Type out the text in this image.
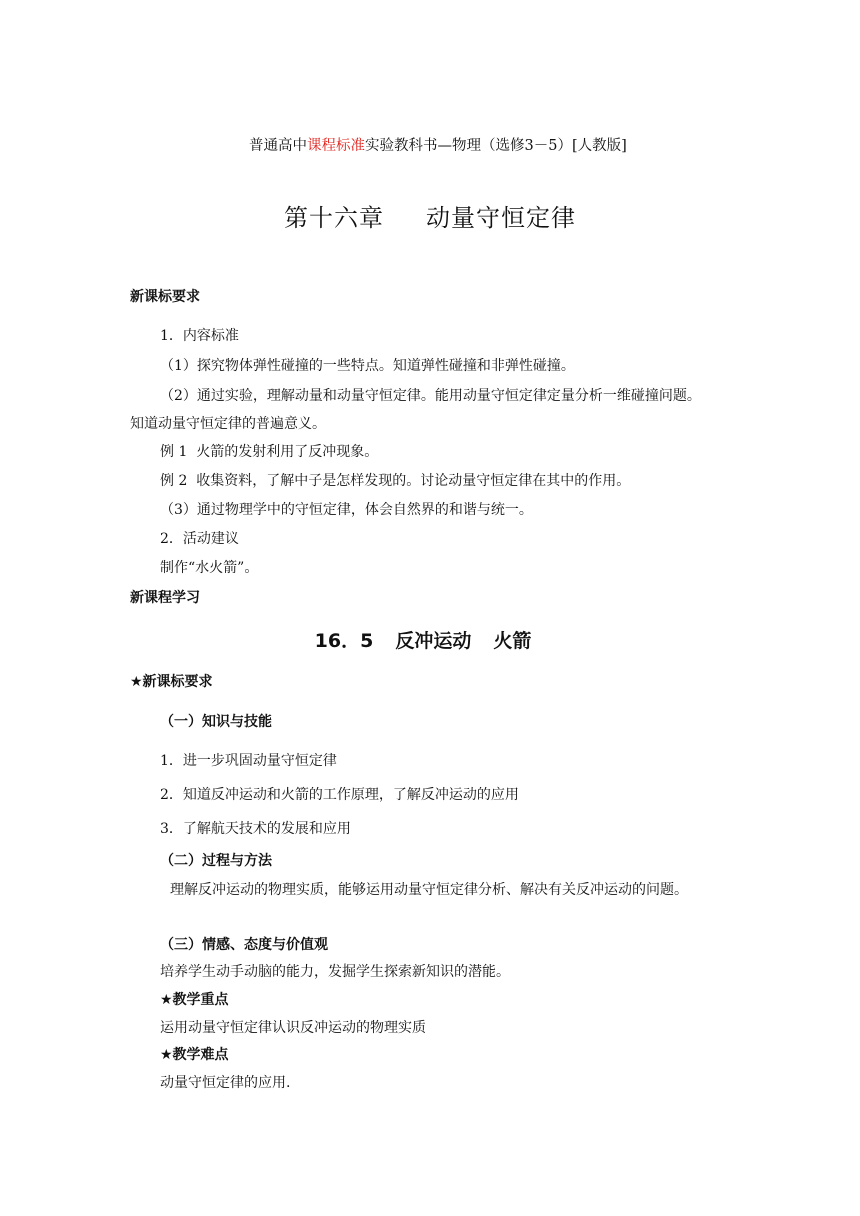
普通高中课程标准实验教科书—物理（选修3－5）[人教版]
第十六章 动量守恒定律
新课标要求
1．内容标准
（1）探究物体弹性碰撞的一些特点。知道弹性碰撞和非弹性碰撞。
（2）通过实验，理解动量和动量守恒定律。能用动量守恒定律定量分析一维碰撞问题。
知道动量守恒定律的普遍意义。
例 1  火箭的发射利用了反冲现象。
例 2  收集资料，了解中子是怎样发现的。讨论动量守恒定律在其中的作用。
（3）通过物理学中的守恒定律，体会自然界的和谐与统一。
2．活动建议
制作“水火箭”。
新课程学习
16．5 反冲运动 火箭
★新课标要求
（一）知识与技能
1．进一步巩固动量守恒定律
2．知道反冲运动和火箭的工作原理，了解反冲运动的应用
3．了解航天技术的发展和应用
（二）过程与方法
理解反冲运动的物理实质，能够运用动量守恒定律分析、解决有关反冲运动的问题。
（三）情感、态度与价值观
培养学生动手动脑的能力，发掘学生探索新知识的潜能。
★教学重点
运用动量守恒定律认识反冲运动的物理实质
★教学难点
动量守恒定律的应用.
